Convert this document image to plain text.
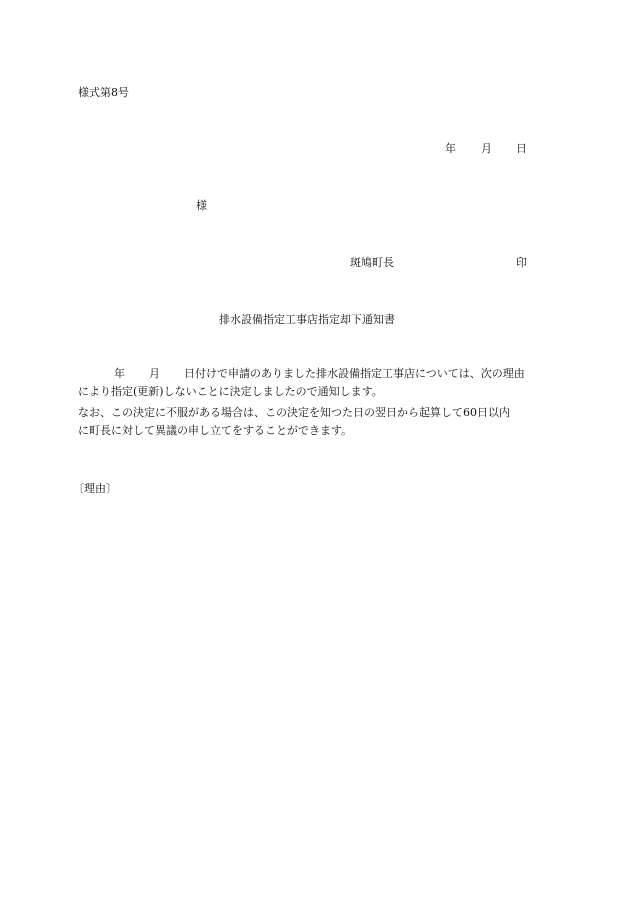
様式第8号
年 月 日
様
斑鳩町長	印
排水設備指定工事店指定却下通知書
年 月 日付けで申請のありました排水設備指定工事店については、次の理由
により指定(更新)しないことに決定しましたので通知します。
なお、この決定に不服がある場合は、この決定を知つた日の翌日から起算して60日以内
に町長に対して異議の申し立てをすることができます。
〔理由〕
